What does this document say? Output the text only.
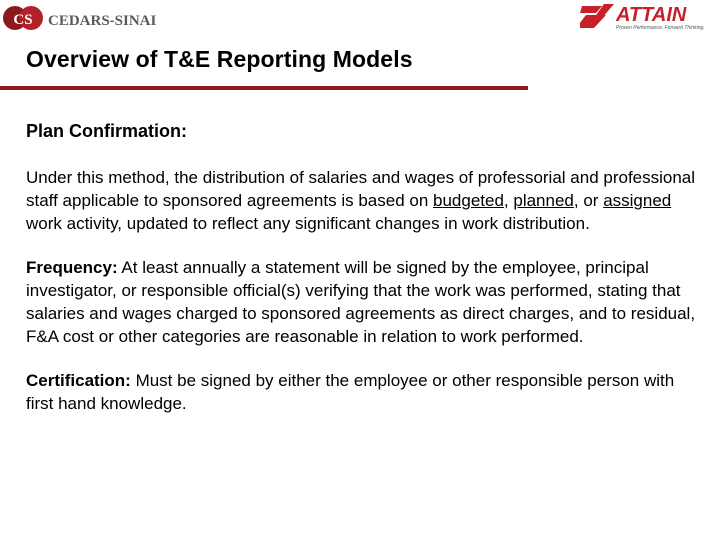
CS CEDARS-SINAI	ATTAIN
Proven Performance. Forward Thinking.
Overview of T&E Reporting Models

Plan Confirmation:

Under this method, the distribution of salaries and wages of professorial and professional staff applicable to sponsored agreements is based on budgeted, planned, or assigned work activity, updated to reflect any significant changes in work distribution.

Frequency: At least annually a statement will be signed by the employee, principal investigator, or responsible official(s) verifying that the work was performed, stating that salaries and wages charged to sponsored agreements as direct charges, and to residual, F&A cost or other categories are reasonable in relation to work performed.

Certification: Must be signed by either the employee or other responsible person with first hand knowledge.
